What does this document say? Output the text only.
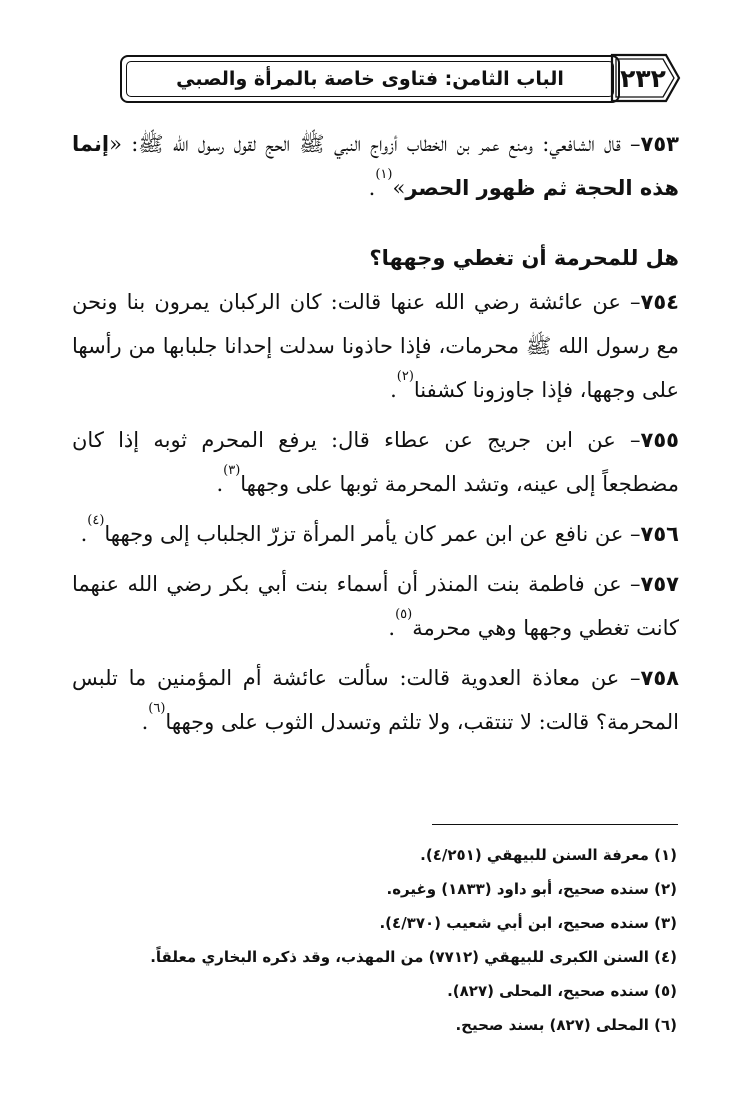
الباب الثامن: فتاوى خاصة بالمرأة والصبي ٢٣٢

٧٥٣– قال الشافعي: ومنع عمر بن الخطاب أزواج النبي ﷺ الحج لقول رسول الله ﷺ: «إنما هذه الحجة ثم ظهور الحصر»$^{(١)}$.

هل للمحرمة أن تغطي وجهها؟

٧٥٤– عن عائشة رضي الله عنها قالت: كان الركبان يمرون بنا ونحن مع رسول الله ﷺ محرمات، فإذا حاذونا سدلت إحدانا جلبابها من رأسها على وجهها، فإذا جاوزونا كشفنا$^{(٢)}$.

٧٥٥– عن ابن جريج عن عطاء قال: يرفع المحرم ثوبه إذا كان مضطجعاً إلى عينه، وتشد المحرمة ثوبها على وجهها$^{(٣)}$.

٧٥٦– عن نافع عن ابن عمر كان يأمر المرأة تزرّ الجلباب إلى وجهها$^{(٤)}$.

٧٥٧– عن فاطمة بنت المنذر أن أسماء بنت أبي بكر رضي الله عنهما كانت تغطي وجهها وهي محرمة$^{(٥)}$.

٧٥٨– عن معاذة العدوية قالت: سألت عائشة أم المؤمنين ما تلبس المحرمة؟ قالت: لا تنتقب، ولا تلثم وتسدل الثوب على وجهها$^{(٦)}$.

(١) معرفة السنن للبيهقي (٤/٢٥١).

(٢) سنده صحيح، أبو داود (١٨٣٣) وغيره.

(٣) سنده صحيح، ابن أبي شعيب (٤/٣٧٠).

(٤) السنن الكبرى للبيهقي (٧٧١٢) من المهذب، وقد ذكره البخاري معلقاً.

(٥) سنده صحيح، المحلى (٨٢٧).

(٦) المحلى (٨٢٧) بسند صحيح.
